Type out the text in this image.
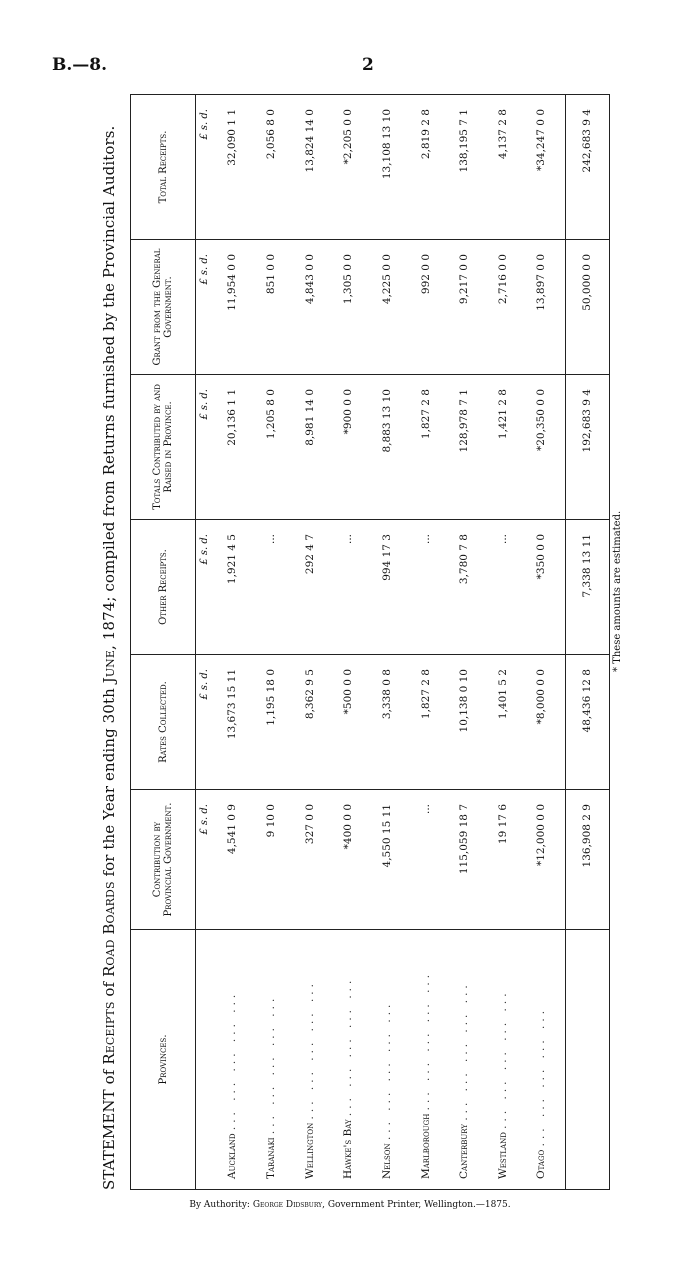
B.—8.	2
STATEMENT of Receipts of Road Boards for the Year ending 30th June, 1874; compiled from Returns furnished by the Provincial Auditors.
Provinces.	Contribution by Provincial Government.	Rates Collected.	Other Receipts.	Totals Contributed by and Raised in Province.	Grant from the General Government.	Total Receipts.
	£ s. d.	£ s. d.	£ s. d.	£ s. d.	£ s. d.	£ s. d.
Auckland ... ... ... ... ...	4,541 0 9	13,673 15 11	1,921 4 5	20,136 1 1	11,954 0 0	32,090 1 1
Taranaki ... ... ... ... ...	9 10 0	1,195 18 0	...	1,205 8 0	851 0 0	2,056 8 0
Wellington ... ... ... ... ...	327 0 0	8,362 9 5	292 4 7	8,981 14 0	4,843 0 0	13,824 14 0
Hawke's Bay ... ... ... ... ...	*400 0 0	*500 0 0	...	*900 0 0	1,305 0 0	*2,205 0 0
Nelson ... ... ... ... ...	4,550 15 11	3,338 0 8	994 17 3	8,883 13 10	4,225 0 0	13,108 13 10
Marlborough ... ... ... ... ...	...	1,827 2 8	...	1,827 2 8	992 0 0	2,819 2 8
Canterbury ... ... ... ... ...	115,059 18 7	10,138 0 10	3,780 7 8	128,978 7 1	9,217 0 0	138,195 7 1
Westland ... ... ... ... ...	19 17 6	1,401 5 2	...	1,421 2 8	2,716 0 0	4,137 2 8
Otago ... ... ... ... ...	*12,000 0 0	*8,000 0 0	*350 0 0	*20,350 0 0	13,897 0 0	*34,247 0 0

	136,908 2 9	48,436 12 8	7,338 13 11	192,683 9 4	50,000 0 0	242,683 9 4
* These amounts are estimated.
By Authority: George Didsbury, Government Printer, Wellington.—1875.
